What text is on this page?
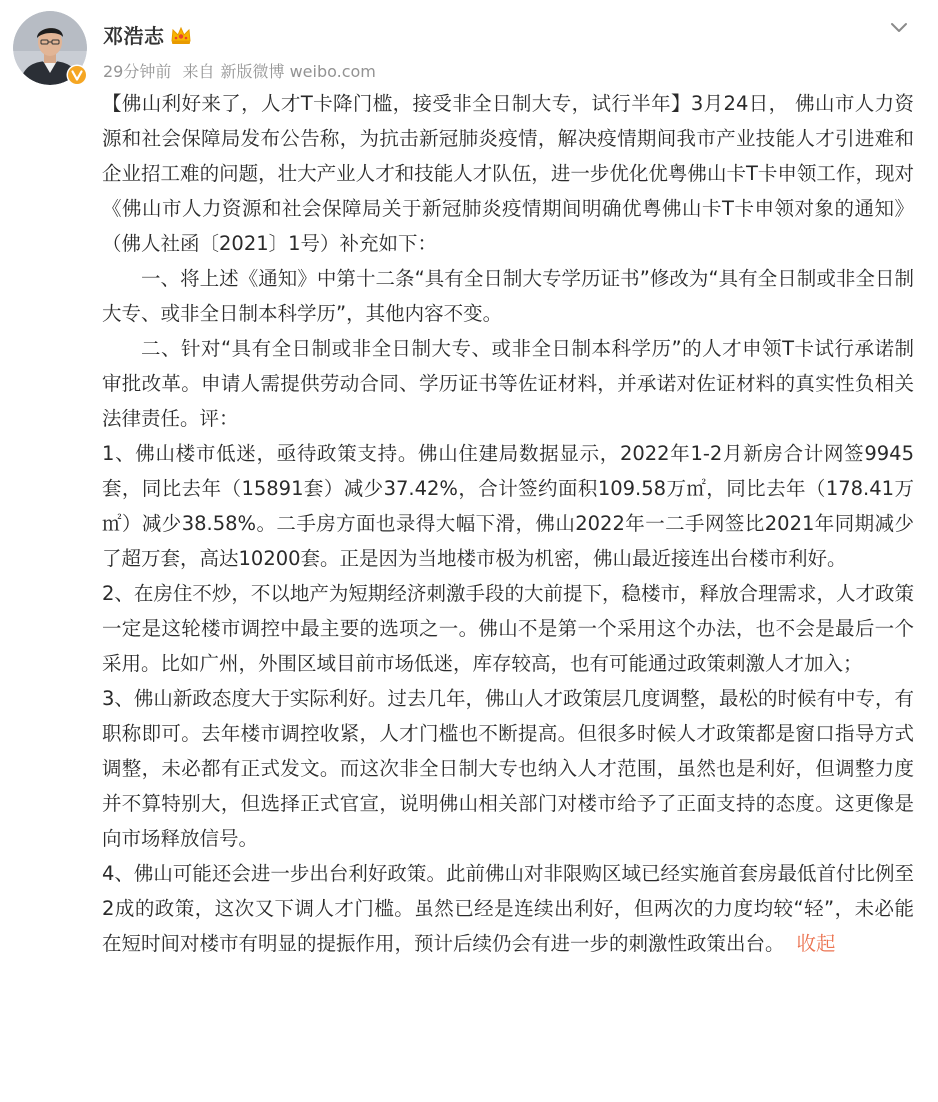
邓浩志
29分钟前 来自 新版微博 weibo.com

【佛山利好来了，人才T卡降门槛，接受非全日制大专，试行半年】3月24日， 佛山市人力资源和社会保障局发布公告称，为抗击新冠肺炎疫情，解决疫情期间我市产业技能人才引进难和企业招工难的问题，壮大产业人才和技能人才队伍，进一步优化优粤佛山卡T卡申领工作，现对《佛山市人力资源和社会保障局关于新冠肺炎疫情期间明确优粤佛山卡T卡申领对象的通知》（佛人社函〔2021〕1号）补充如下：

一、将上述《通知》中第十二条“具有全日制大专学历证书”修改为“具有全日制或非全日制大专、或非全日制本科学历”，其他内容不变。

二、针对“具有全日制或非全日制大专、或非全日制本科学历”的人才申领T卡试行承诺制审批改革。申请人需提供劳动合同、学历证书等佐证材料，并承诺对佐证材料的真实性负相关法律责任。评：

1、佛山楼市低迷，亟待政策支持。佛山住建局数据显示，2022年1-2月新房合计网签9945套，同比去年（15891套）减少37.42%，合计签约面积109.58万㎡，同比去年（178.41万㎡）减少38.58%。二手房方面也录得大幅下滑，佛山2022年一二手网签比2021年同期减少了超万套，高达10200套。正是因为当地楼市极为机密，佛山最近接连出台楼市利好。

2、在房住不炒，不以地产为短期经济刺激手段的大前提下，稳楼市，释放合理需求，人才政策一定是这轮楼市调控中最主要的选项之一。佛山不是第一个采用这个办法，也不会是最后一个采用。比如广州，外围区域目前市场低迷，库存较高，也有可能通过政策刺激人才加入；

3、佛山新政态度大于实际利好。过去几年，佛山人才政策层几度调整，最松的时候有中专，有职称即可。去年楼市调控收紧，人才门槛也不断提高。但很多时候人才政策都是窗口指导方式调整，未必都有正式发文。而这次非全日制大专也纳入人才范围，虽然也是利好，但调整力度并不算特别大，但选择正式官宣，说明佛山相关部门对楼市给予了正面支持的态度。这更像是向市场释放信号。

4、佛山可能还会进一步出台利好政策。此前佛山对非限购区域已经实施首套房最低首付比例至2成的政策，这次又下调人才门槛。虽然已经是连续出利好，但两次的力度均较“轻”，未必能在短时间对楼市有明显的提振作用，预计后续仍会有进一步的刺激性政策出台。 收起
